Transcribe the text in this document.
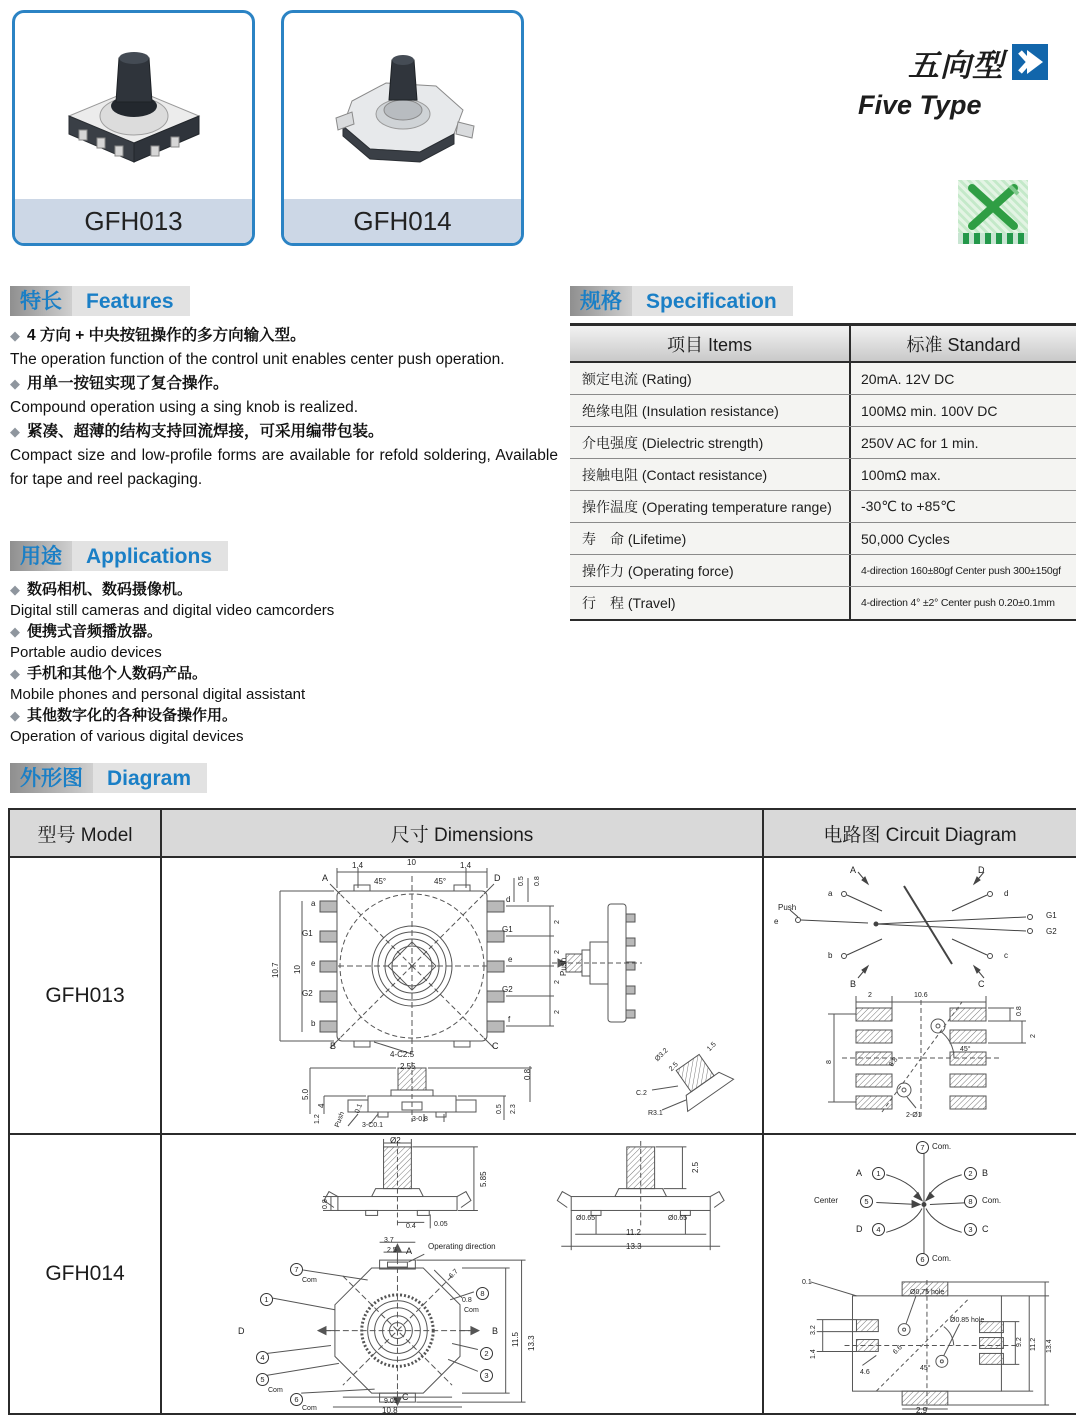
GFH013	GFH014
五向型
Five Type
特长	Features
◆ 4 方向 + 中央按钮操作的多方向输入型。
The operation function of the control unit enables center push operation.
◆ 用单一按钮实现了复合操作。
Compound operation using a sing knob is realized.
◆ 紧凑、超薄的结构支持回流焊接，可采用编带包装。
Compact size and low-profile forms are available for refold soldering, Available for tape and reel packaging.
用途	Applications
◆ 数码相机、数码摄像机。
Digital still cameras and digital video camcorders
◆ 便携式音频播放器。
Portable audio devices
◆ 手机和其他个人数码产品。
Mobile phones and personal digital assistant
◆ 其他数字化的各种设备操作用。
Operation of various digital devices
规格	Specification
项目 Items	标准 Standard
额定电流 (Rating)	20mA. 12V DC
绝缘电阻 (Insulation resistance)	100MΩ min. 100V DC
介电强度 (Dielectric strength)	250V AC for 1 min.
接触电阻 (Contact resistance)	100mΩ max.
操作温度 (Operating temperature range)	-30℃ to +85℃
寿　命 (Lifetime)	50,000 Cycles
操作力 (Operating force)	4-direction 160±80gf Center push 300±150gf
行　程 (Travel)	4-direction 4° ±2° Center push 0.20±0.1mm
外形图	Diagram
型号 Model	尺寸 Dimensions	电路图 Circuit Diagram
GFH013
1.4	10	1.4
45°	45°
A	D
B	C
10.7 10
a
G1
e
G2
b
d
G1
e
G2
f
0.5 0.8
2
2
2
2
4-C2.5
2.55
5.0
4
0.8
2.3
0.5
Push
1.2
3-C0.1
0.1
3-0.8
Push
Ø3.2
2.5
1.5
C.2
R3.1
A	D
a	d
Push
e
G1
G2
b	c
B	C
2	10.6
0.8
2
8	6.8
45°
2-Ø1
GFH014
Ø2
0.8
5.85
0.4	0.05
2.5
Ø0.65	Ø0.65
11.2
13.3
3.7
2.5 A Operating direction
7
Com
1
D
4
5
Com
6
Com
6.7
0.8
Com
8
B
2
3
11.5 13.3
C
9.05
10.8
7 Com.
A	1	2	B
Center	5	8	Com.
D	4	3	C
6 Com.
0.1
Ø0.75 hole
Ø0.85 hole
3.2
1.4
4.6
6.6
45°
9.2 11.2 13.4
2.9
